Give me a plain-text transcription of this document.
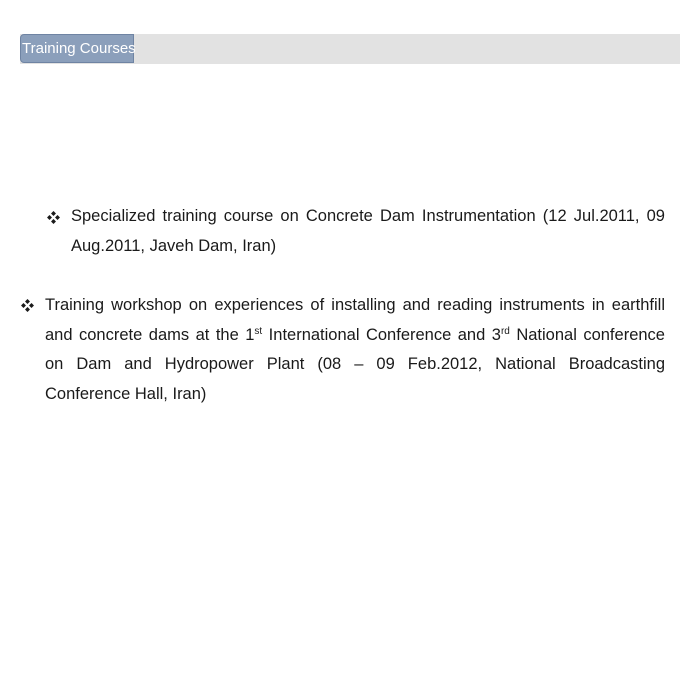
Training Courses
Specialized training course on Concrete Dam Instrumentation (12 Jul.2011, 09 Aug.2011, Javeh Dam, Iran)
Training workshop on experiences of installing and reading instruments in earthfill and concrete dams at the 1st International Conference and 3rd National conference on Dam and Hydropower Plant (08 – 09 Feb.2012, National Broadcasting Conference Hall, Iran)
